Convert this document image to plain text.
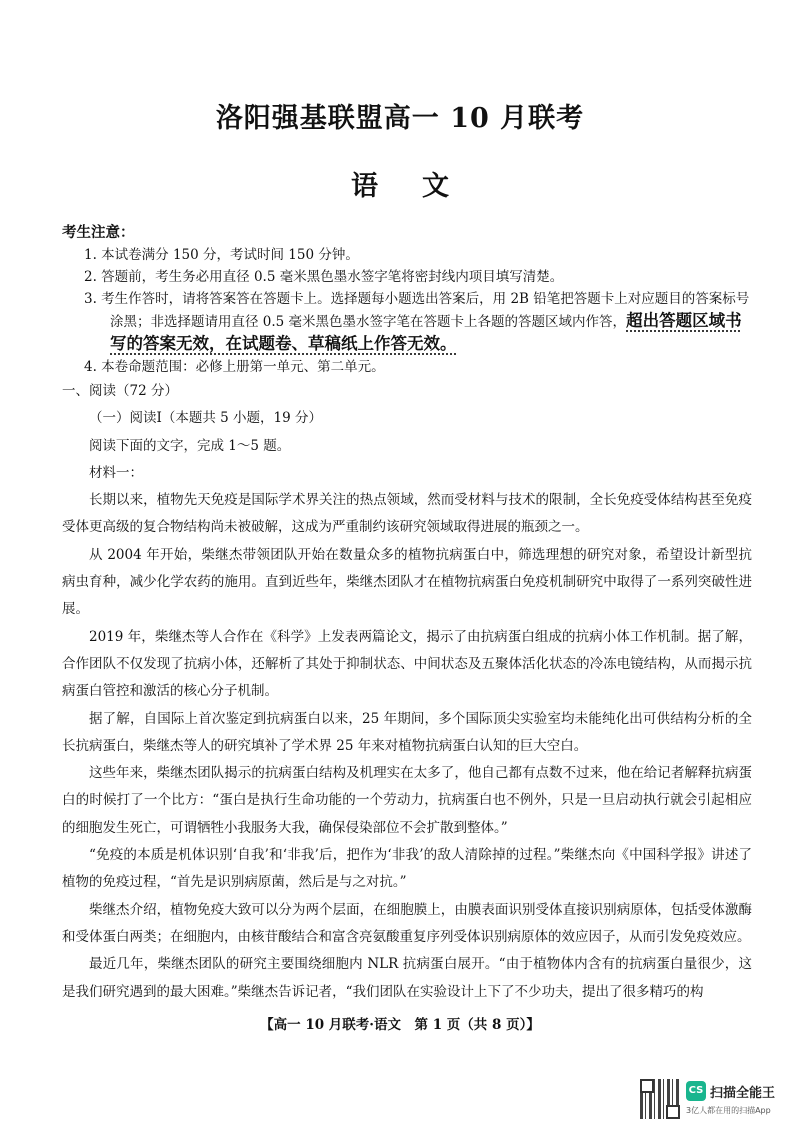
洛阳强基联盟高一 10 月联考
语文
考生注意：
1. 本试卷满分 150 分，考试时间 150 分钟。
2. 答题前，考生务必用直径 0.5 毫米黑色墨水签字笔将密封线内项目填写清楚。
3. 考生作答时，请将答案答在答题卡上。选择题每小题选出答案后，用 2B 铅笔把答题卡上对应题目的答案标号涂黑；非选择题请用直径 0.5 毫米黑色墨水签字笔在答题卡上各题的答题区域内作答，超出答题区域书写的答案无效，在试题卷、草稿纸上作答无效。
4. 本卷命题范围：必修上册第一单元、第二单元。

一、阅读（72 分）

（一）阅读Ⅰ（本题共 5 小题，19 分）

阅读下面的文字，完成 1～5 题。

材料一：

长期以来，植物先天免疫是国际学术界关注的热点领域，然而受材料与技术的限制，全长免疫受体结构甚至免疫受体更高级的复合物结构尚未被破解，这成为严重制约该研究领域取得进展的瓶颈之一。

从 2004 年开始，柴继杰带领团队开始在数量众多的植物抗病蛋白中，筛选理想的研究对象，希望设计新型抗病虫育种，减少化学农药的施用。直到近些年，柴继杰团队才在植物抗病蛋白免疫机制研究中取得了一系列突破性进展。

2019 年，柴继杰等人合作在《科学》上发表两篇论文，揭示了由抗病蛋白组成的抗病小体工作机制。据了解，合作团队不仅发现了抗病小体，还解析了其处于抑制状态、中间状态及五聚体活化状态的冷冻电镜结构，从而揭示抗病蛋白管控和激活的核心分子机制。

据了解，自国际上首次鉴定到抗病蛋白以来，25 年期间，多个国际顶尖实验室均未能纯化出可供结构分析的全长抗病蛋白，柴继杰等人的研究填补了学术界 25 年来对植物抗病蛋白认知的巨大空白。

这些年来，柴继杰团队揭示的抗病蛋白结构及机理实在太多了，他自己都有点数不过来，他在给记者解释抗病蛋白的时候打了一个比方：“蛋白是执行生命功能的一个劳动力，抗病蛋白也不例外，只是一旦启动执行就会引起相应的细胞发生死亡，可谓牺牲小我服务大我，确保侵染部位不会扩散到整体。”

“免疫的本质是机体识别‘自我’和‘非我’后，把作为‘非我’的敌人清除掉的过程。”柴继杰向《中国科学报》讲述了植物的免疫过程，“首先是识别病原菌，然后是与之对抗。”

柴继杰介绍，植物免疫大致可以分为两个层面，在细胞膜上，由膜表面识别受体直接识别病原体，包括受体激酶和受体蛋白两类；在细胞内，由核苷酸结合和富含亮氨酸重复序列受体识别病原体的效应因子，从而引发免疫效应。

最近几年，柴继杰团队的研究主要围绕细胞内 NLR 抗病蛋白展开。“由于植物体内含有的抗病蛋白量很少，这是我们研究遇到的最大困难。”柴继杰告诉记者，“我们团队在实验设计上下了不少功夫，提出了很多精巧的构

【高一 10 月联考·语文　第 1 页（共 8 页）】
CS 扫描全能王
3亿人都在用的扫描App
